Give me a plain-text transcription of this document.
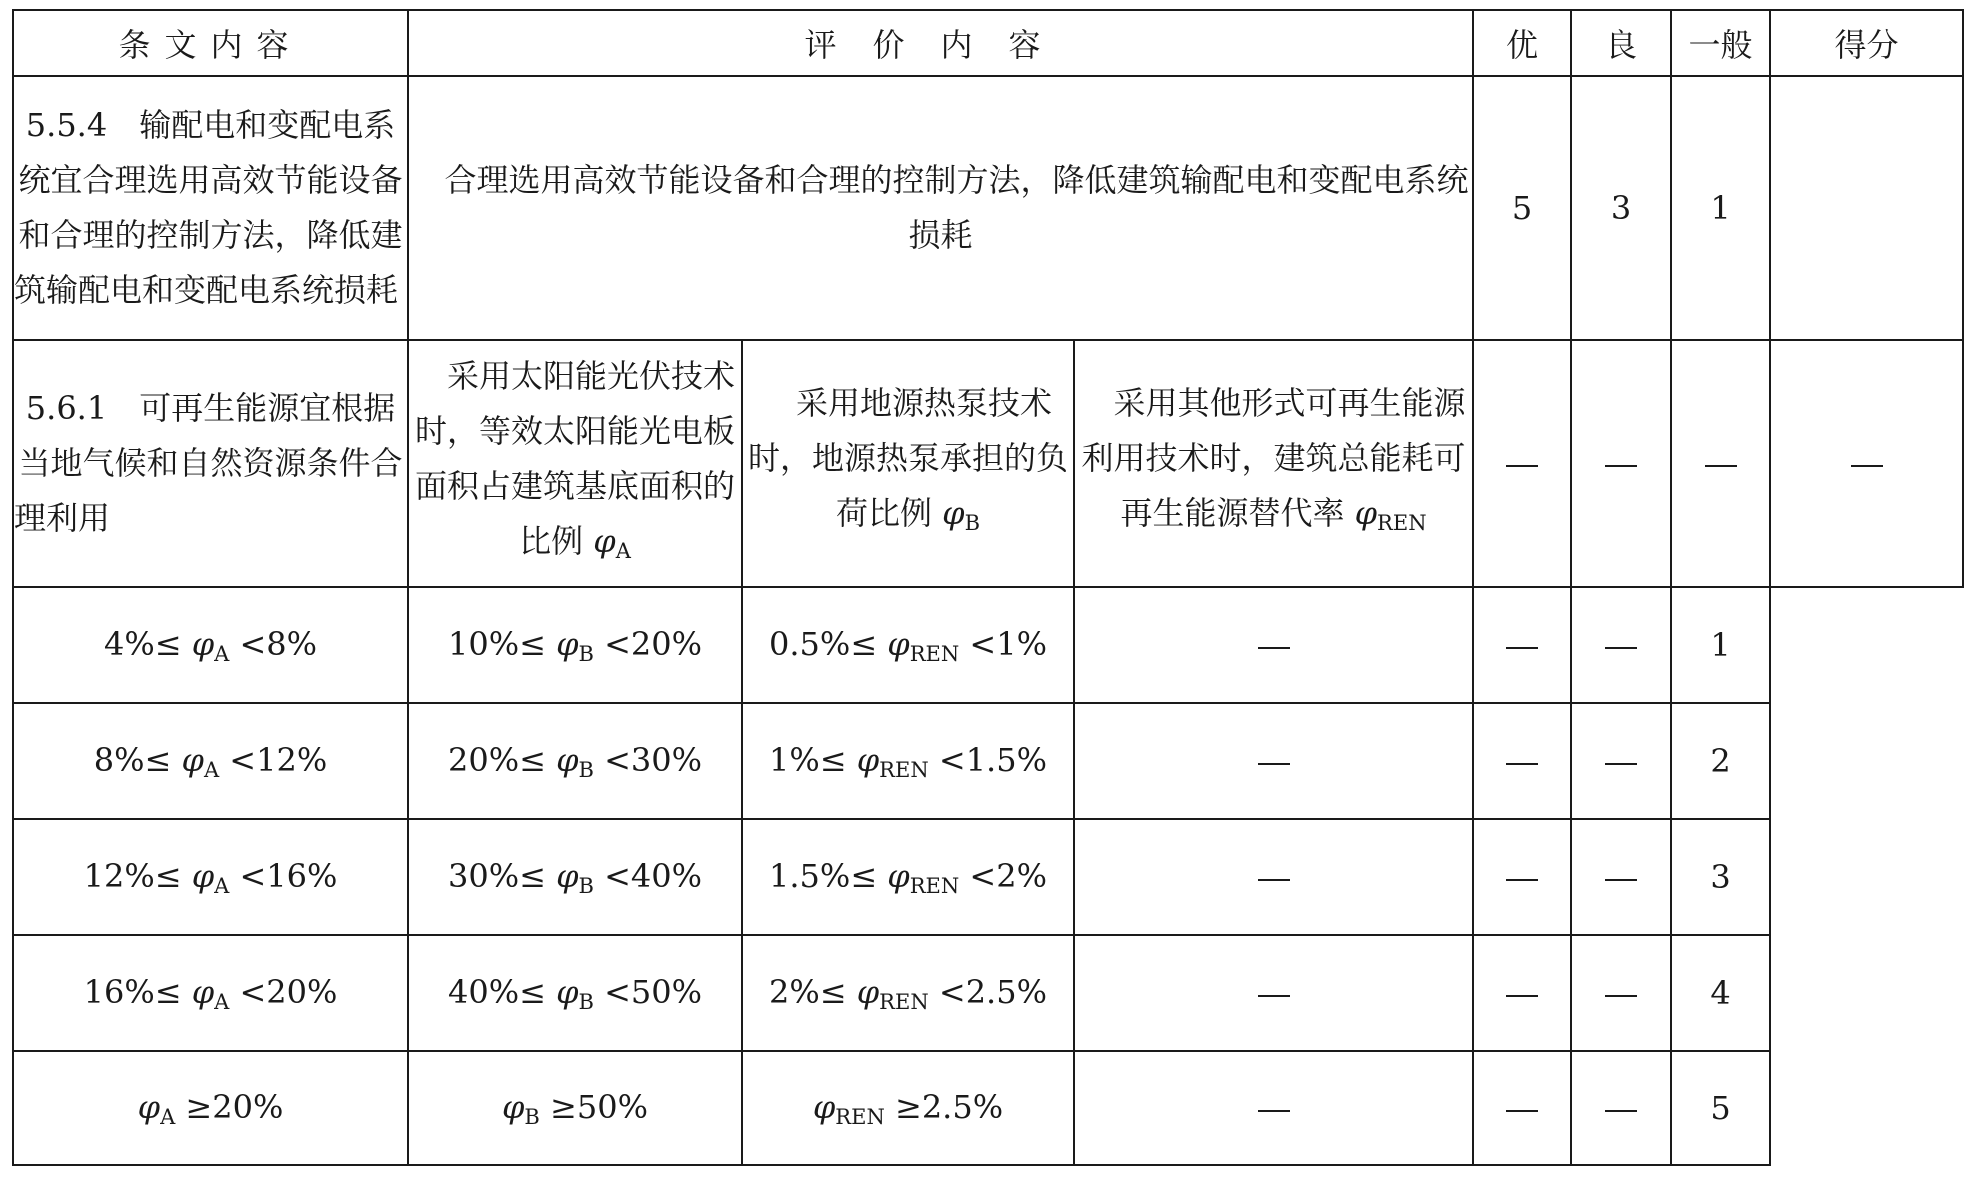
条文内容	评价内容			优	良	一般	得分
5.5.4　输配电和变配电系统宜合理选用高效节能设备和合理的控制方法，降低建筑输配电和变配电系统损耗	合理选用高效节能设备和合理的控制方法，降低建筑输配电和变配电系统损耗			5	3	1	
5.6.1　可再生能源宜根据当地气候和自然资源条件合理利用	采用太阳能光伏技术时，等效太阳能光电板面积占建筑基底面积的比例 $\varphi_A$	采用地源热泵技术时，地源热泵承担的负荷比例 $\varphi_B$	采用其他形式可再生能源利用技术时，建筑总能耗可再生能源替代率 $\varphi_{REN}$				
$4\%\le \varphi_A <8\%$	$10\%\le \varphi_B <20\%$	$0.5\%\le \varphi_{REN} <1\%$				1	
$8\%\le \varphi_A <12\%$	$20\%\le \varphi_B <30\%$	$1\%\le \varphi_{REN} <1.5\%$				2	
$12\%\le \varphi_A <16\%$	$30\%\le \varphi_B <40\%$	$1.5\%\le \varphi_{REN} <2\%$				3	
$16\%\le \varphi_A <20\%$	$40\%\le \varphi_B <50\%$	$2\%\le \varphi_{REN} <2.5\%$				4	
$\varphi_A \ge 20\%$	$\varphi_B \ge 50\%$	$\varphi_{REN} \ge 2.5\%$				5	
